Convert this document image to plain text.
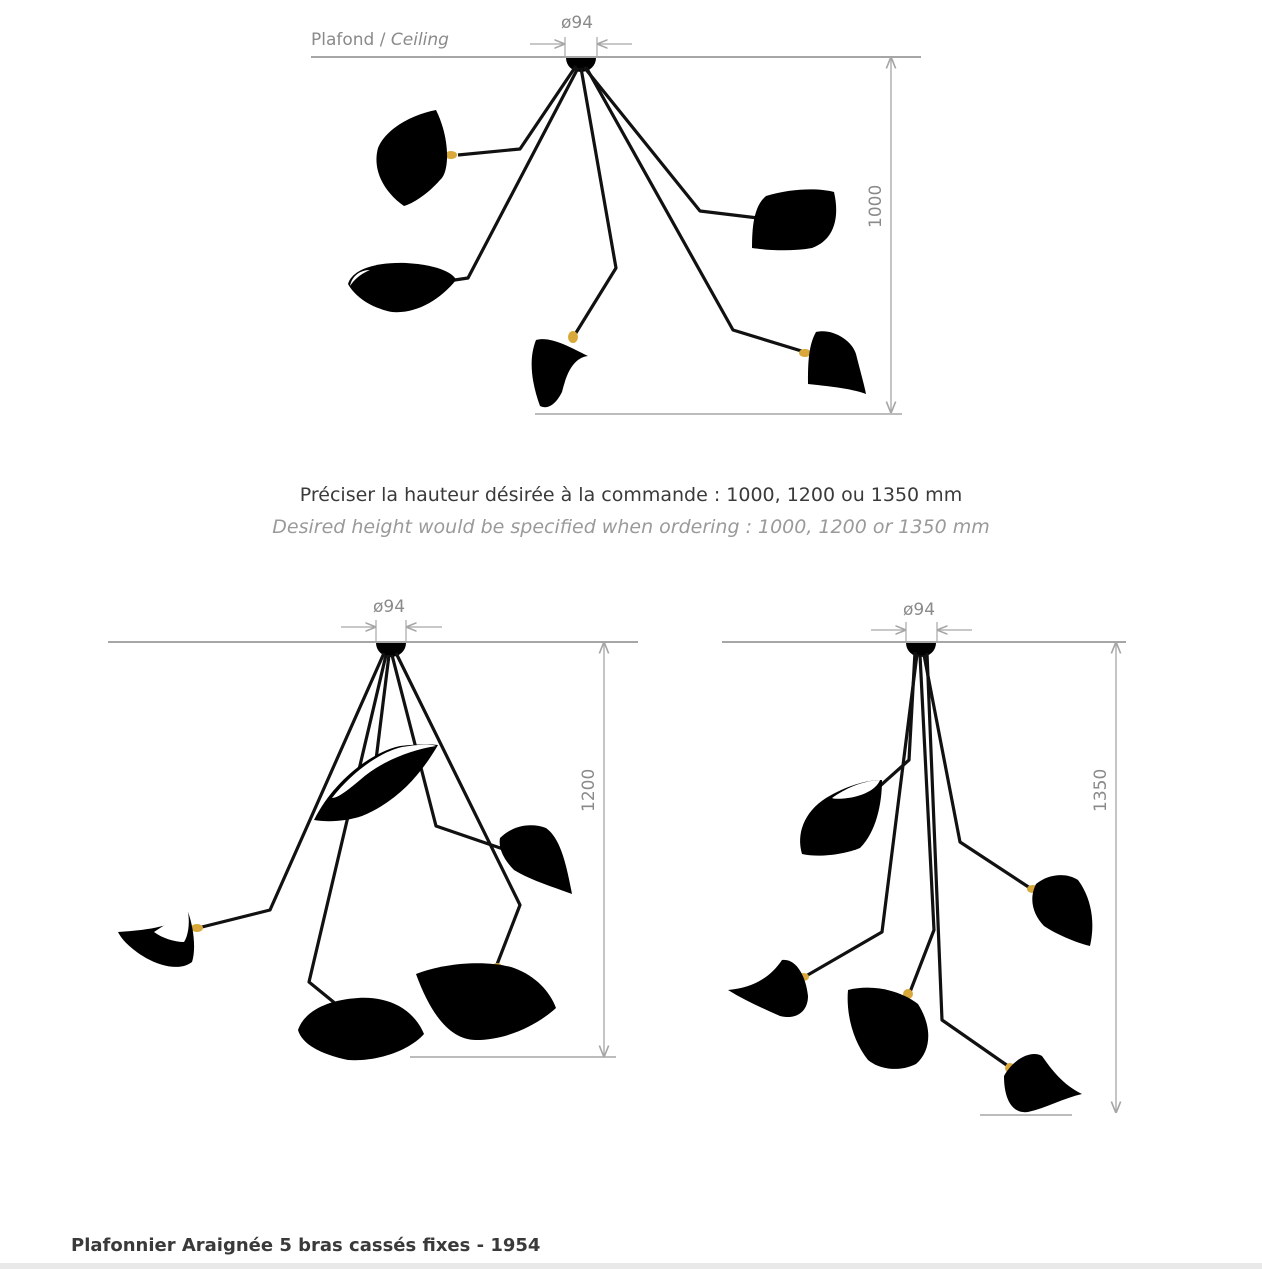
Plafond / Ceiling
ø94
1000
ø94
1200
ø94
1350
Préciser la hauteur désirée à la commande : 1000, 1200 ou 1350 mm
Desired height would be specified when ordering : 1000, 1200 or 1350 mm
Plafonnier Araignée 5 bras cassés fixes - 1954
